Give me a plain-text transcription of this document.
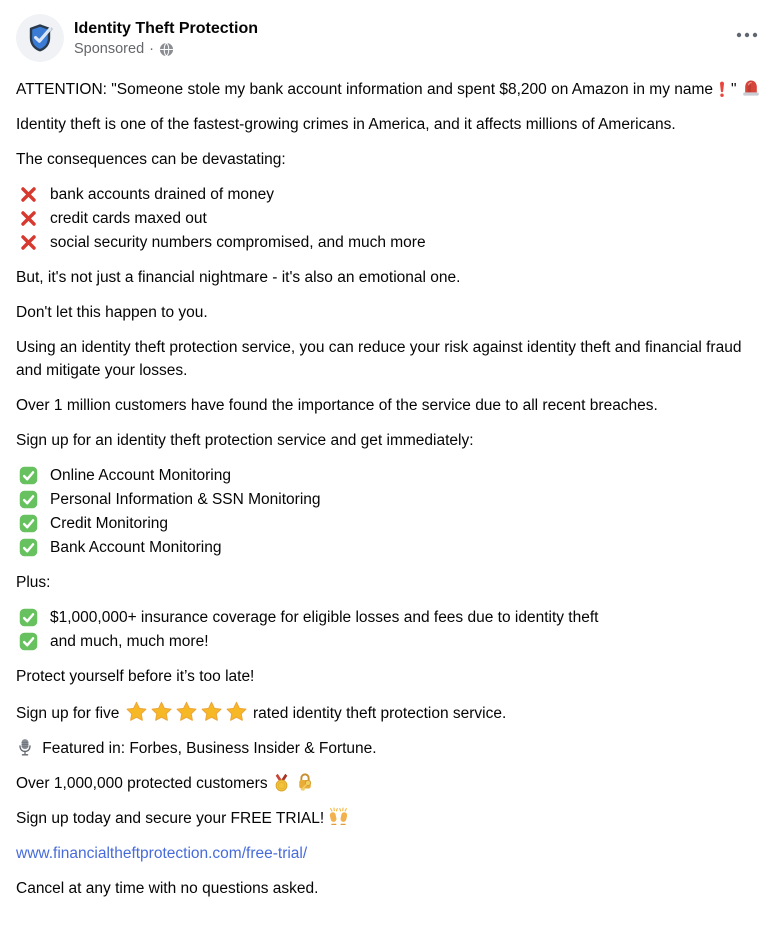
Identity Theft Protection
Sponsored ·

ATTENTION: "Someone stole my bank account information and spent $8,200 on Amazon in my name "

Identity theft is one of the fastest-growing crimes in America, and it affects millions of Americans.

The consequences can be devastating:

bank accounts drained of money
credit cards maxed out
social security numbers compromised, and much more

But, it's not just a financial nightmare - it's also an emotional one.

Don't let this happen to you.

Using an identity theft protection service, you can reduce your risk against identity theft and financial fraud and mitigate your losses.

Over 1 million customers have found the importance of the service due to all recent breaches.

Sign up for an identity theft protection service and get immediately:

Online Account Monitoring
Personal Information & SSN Monitoring
Credit Monitoring
Bank Account Monitoring

Plus:

$1,000,000+ insurance coverage for eligible losses and fees due to identity theft
and much, much more!

Protect yourself before it’s too late!

Sign up for five	rated identity theft protection service.

Featured in: Forbes, Business Insider & Fortune.

Over 1,000,000 protected customers

Sign up today and secure your FREE TRIAL!

www.financialtheftprotection.com/free-trial/

Cancel at any time with no questions asked.
